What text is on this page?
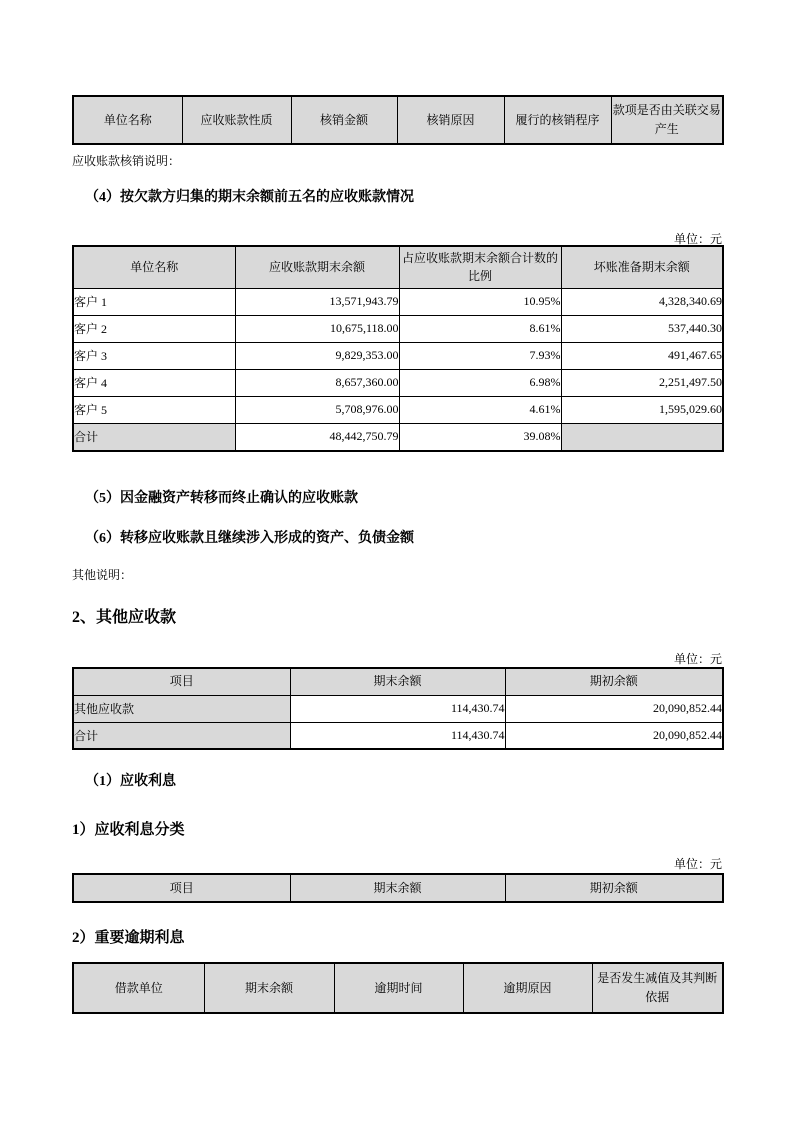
单位名称	应收账款性质	核销金额	核销原因	履行的核销程序	款项是否由关联交易产生
应收账款核销说明：
（4）按欠款方归集的期末余额前五名的应收账款情况
单位：元
单位名称	应收账款期末余额	占应收账款期末余额合计数的比例	坏账准备期末余额
客户 1	13,571,943.79	10.95%	4,328,340.69
客户 2	10,675,118.00	8.61%	537,440.30
客户 3	9,829,353.00	7.93%	491,467.65
客户 4	8,657,360.00	6.98%	2,251,497.50
客户 5	5,708,976.00	4.61%	1,595,029.60
合计	48,442,750.79	39.08%	
（5）因金融资产转移而终止确认的应收账款
（6）转移应收账款且继续涉入形成的资产、负债金额
其他说明：
2、其他应收款
单位：元
项目	期末余额	期初余额
其他应收款	114,430.74	20,090,852.44
合计	114,430.74	20,090,852.44
（1）应收利息
1）应收利息分类
单位：元
项目	期末余额	期初余额
2）重要逾期利息
借款单位	期末余额	逾期时间	逾期原因	是否发生减值及其判断依据
